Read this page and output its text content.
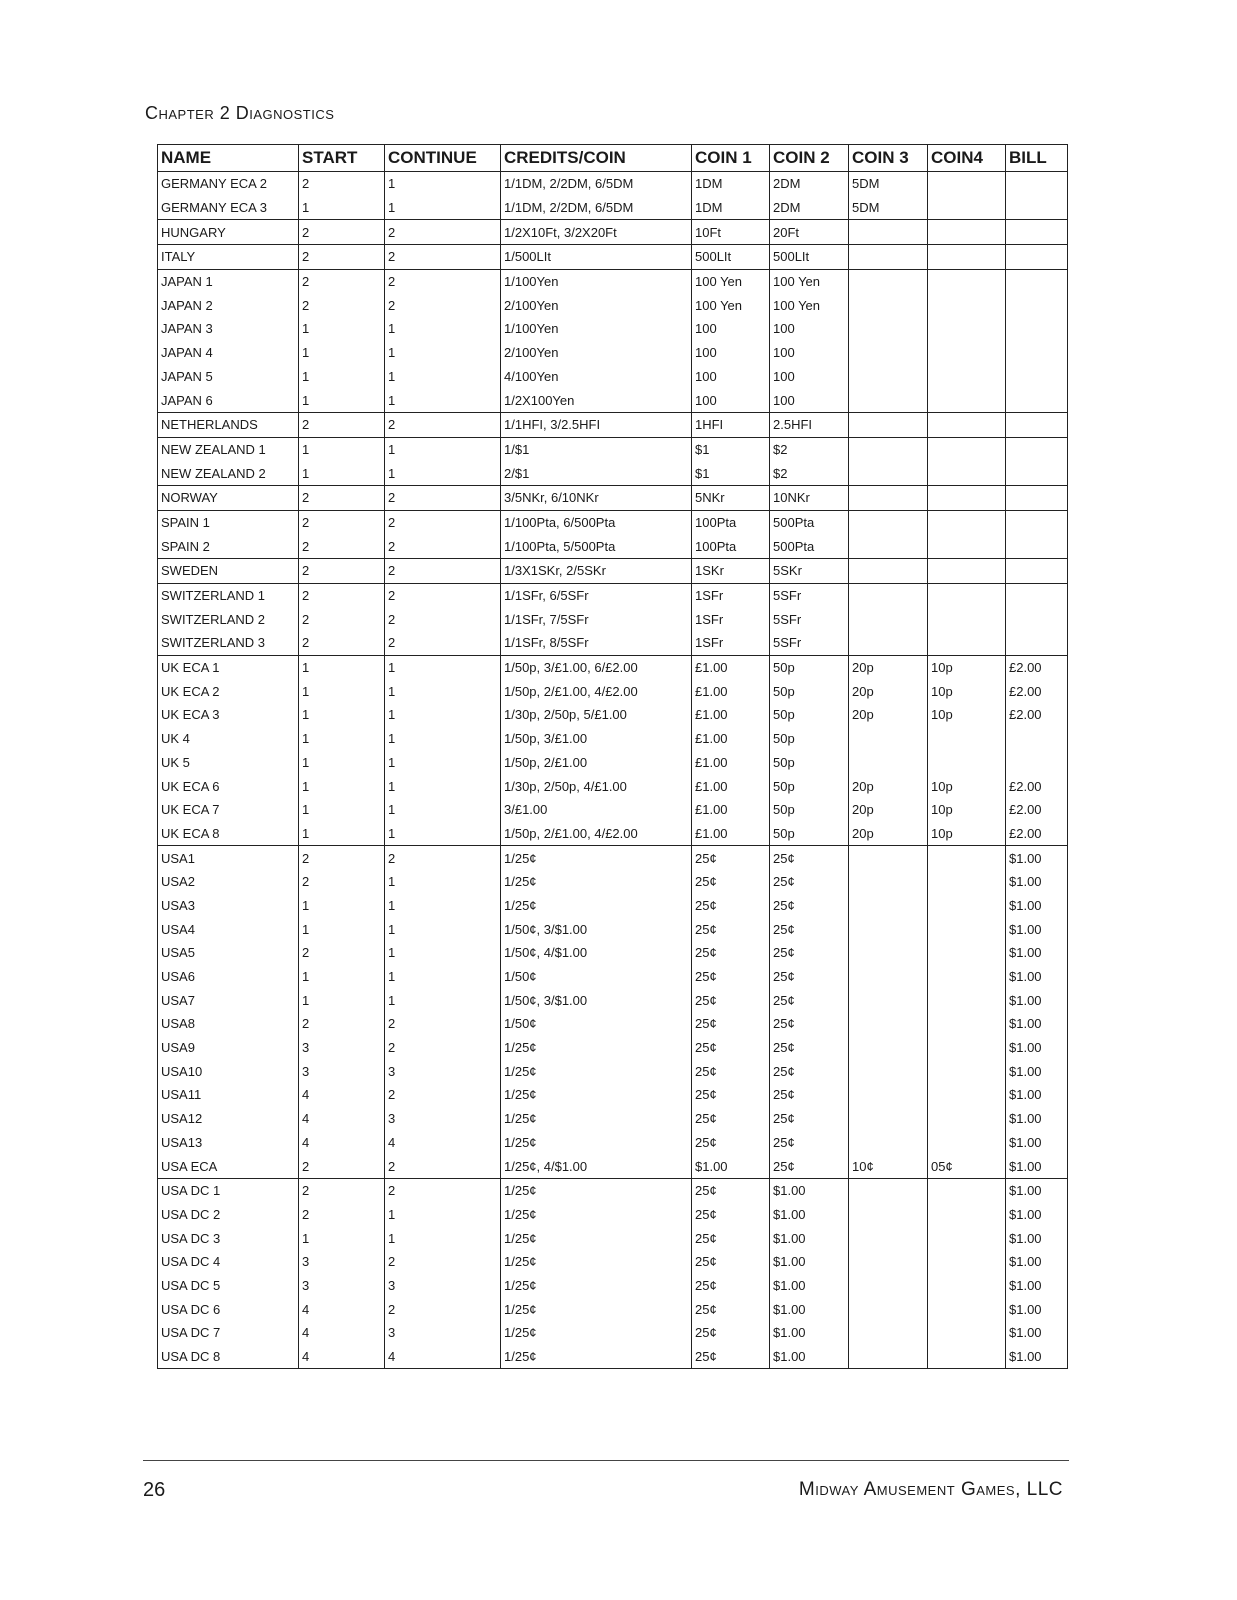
Chapter 2 Diagnostics
NAME	START	CONTINUE	CREDITS/COIN	COIN 1	COIN 2	COIN 3	COIN4	BILL
GERMANY ECA 2	2	1	1/1DM, 2/2DM, 6/5DM	1DM	2DM	5DM		
GERMANY ECA 3	1	1	1/1DM, 2/2DM, 6/5DM	1DM	2DM	5DM		
HUNGARY	2	2	1/2X10Ft, 3/2X20Ft	10Ft	20Ft			
ITALY	2	2	1/500LIt	500LIt	500LIt			
JAPAN 1	2	2	1/100Yen	100 Yen	100 Yen			
JAPAN 2	2	2	2/100Yen	100 Yen	100 Yen			
JAPAN 3	1	1	1/100Yen	100	100			
JAPAN 4	1	1	2/100Yen	100	100			
JAPAN 5	1	1	4/100Yen	100	100			
JAPAN 6	1	1	1/2X100Yen	100	100			
NETHERLANDS	2	2	1/1HFI, 3/2.5HFI	1HFI	2.5HFI			
NEW ZEALAND 1	1	1	1/$1	$1	$2			
NEW ZEALAND 2	1	1	2/$1	$1	$2			
NORWAY	2	2	3/5NKr, 6/10NKr	5NKr	10NKr			
SPAIN 1	2	2	1/100Pta, 6/500Pta	100Pta	500Pta			
SPAIN 2	2	2	1/100Pta, 5/500Pta	100Pta	500Pta			
SWEDEN	2	2	1/3X1SKr, 2/5SKr	1SKr	5SKr			
SWITZERLAND 1	2	2	1/1SFr, 6/5SFr	1SFr	5SFr			
SWITZERLAND 2	2	2	1/1SFr, 7/5SFr	1SFr	5SFr			
SWITZERLAND 3	2	2	1/1SFr, 8/5SFr	1SFr	5SFr			
UK ECA 1	1	1	1/50p, 3/£1.00, 6/£2.00	£1.00	50p	20p	10p	£2.00
UK ECA 2	1	1	1/50p, 2/£1.00, 4/£2.00	£1.00	50p	20p	10p	£2.00
UK ECA 3	1	1	1/30p, 2/50p, 5/£1.00	£1.00	50p	20p	10p	£2.00
UK 4	1	1	1/50p, 3/£1.00	£1.00	50p			
UK 5	1	1	1/50p, 2/£1.00	£1.00	50p			
UK ECA 6	1	1	1/30p, 2/50p, 4/£1.00	£1.00	50p	20p	10p	£2.00
UK ECA 7	1	1	3/£1.00	£1.00	50p	20p	10p	£2.00
UK ECA 8	1	1	1/50p, 2/£1.00, 4/£2.00	£1.00	50p	20p	10p	£2.00
USA1	2	2	1/25¢	25¢	25¢			$1.00
USA2	2	1	1/25¢	25¢	25¢			$1.00
USA3	1	1	1/25¢	25¢	25¢			$1.00
USA4	1	1	1/50¢, 3/$1.00	25¢	25¢			$1.00
USA5	2	1	1/50¢, 4/$1.00	25¢	25¢			$1.00
USA6	1	1	1/50¢	25¢	25¢			$1.00
USA7	1	1	1/50¢, 3/$1.00	25¢	25¢			$1.00
USA8	2	2	1/50¢	25¢	25¢			$1.00
USA9	3	2	1/25¢	25¢	25¢			$1.00
USA10	3	3	1/25¢	25¢	25¢			$1.00
USA11	4	2	1/25¢	25¢	25¢			$1.00
USA12	4	3	1/25¢	25¢	25¢			$1.00
USA13	4	4	1/25¢	25¢	25¢			$1.00
USA ECA	2	2	1/25¢, 4/$1.00	$1.00	25¢	10¢	05¢	$1.00
USA DC 1	2	2	1/25¢	25¢	$1.00			$1.00
USA DC 2	2	1	1/25¢	25¢	$1.00			$1.00
USA DC 3	1	1	1/25¢	25¢	$1.00			$1.00
USA DC 4	3	2	1/25¢	25¢	$1.00			$1.00
USA DC 5	3	3	1/25¢	25¢	$1.00			$1.00
USA DC 6	4	2	1/25¢	25¢	$1.00			$1.00
USA DC 7	4	3	1/25¢	25¢	$1.00			$1.00
USA DC 8	4	4	1/25¢	25¢	$1.00			$1.00
26	Midway Amusement Games, LLC
